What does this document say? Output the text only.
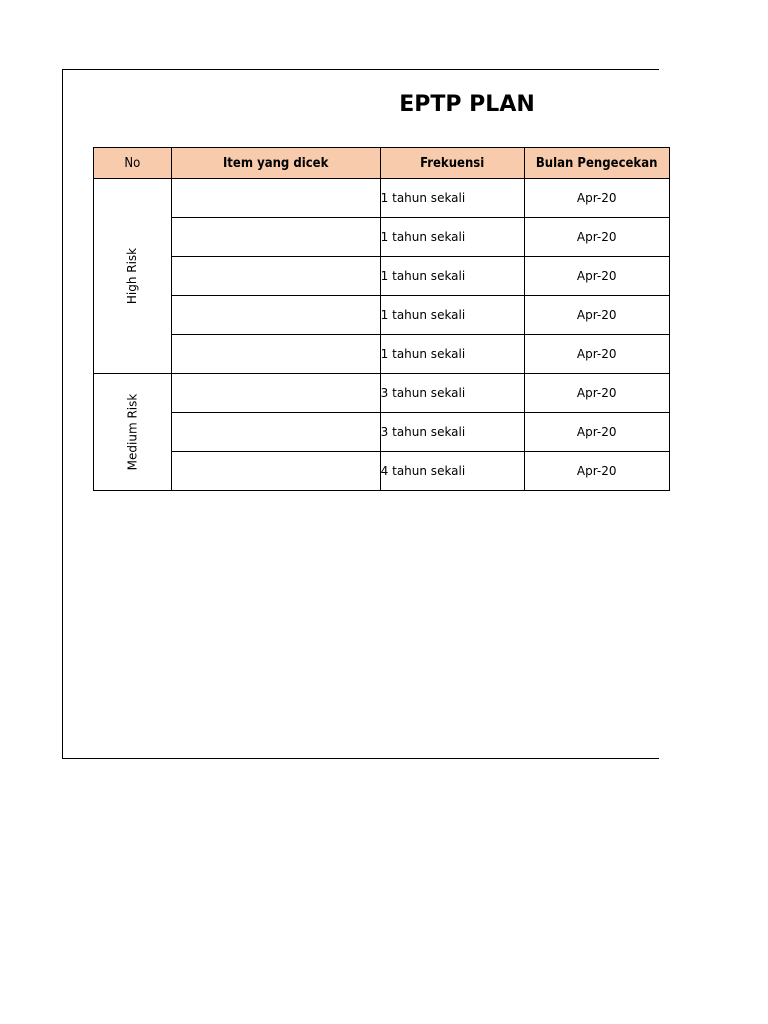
EPTP PLAN
No	Item yang dicek	Frekuensi	Bulan Pengecekan
High Risk		1 tahun sekali	Apr-20
		1 tahun sekali	Apr-20
		1 tahun sekali	Apr-20
		1 tahun sekali	Apr-20
		1 tahun sekali	Apr-20
Medium Risk		3 tahun sekali	Apr-20
		3 tahun sekali	Apr-20
		4 tahun sekali	Apr-20
